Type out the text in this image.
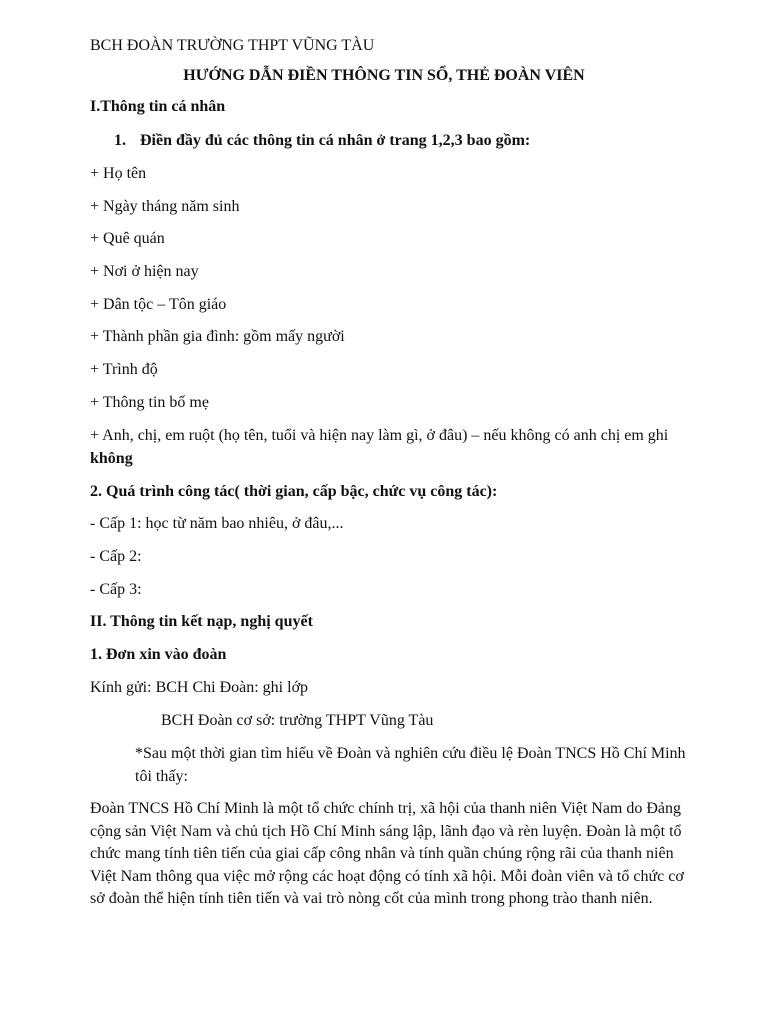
BCH ĐOÀN TRƯỜNG THPT VŨNG TÀU
HƯỚNG DẪN ĐIỀN THÔNG TIN SỔ, THẺ ĐOÀN VIÊN
I.Thông tin cá nhân
1. Điền đầy đủ các thông tin cá nhân ở trang 1,2,3 bao gồm:
+ Họ tên
+ Ngày tháng năm sinh
+ Quê quán
+ Nơi ở hiện nay
+ Dân tộc – Tôn giáo
+ Thành phần gia đình: gồm mấy người
+ Trình độ
+ Thông tin bố mẹ
+ Anh, chị, em ruột (họ tên, tuổi và hiện nay làm gì, ở đâu) – nếu không có anh chị em ghi không
2. Quá trình công tác( thời gian, cấp bậc, chức vụ công tác):
- Cấp 1: học từ năm bao nhiêu, ở đâu,...
- Cấp 2:
- Cấp 3:
II. Thông tin kết nạp, nghị quyết
1. Đơn xin vào đoàn
Kính gửi: BCH Chi Đoàn: ghi lớp
BCH Đoàn cơ sở: trường THPT Vũng Tàu
*Sau một thời gian tìm hiểu về Đoàn và nghiên cứu điều lệ Đoàn TNCS Hồ Chí Minh tôi thấy:
Đoàn TNCS Hồ Chí Minh là một tổ chức chính trị, xã hội của thanh niên Việt Nam do Đảng cộng sản Việt Nam và chủ tịch Hồ Chí Minh sáng lập, lãnh đạo và rèn luyện. Đoàn là một tổ chức mang tính tiên tiến của giai cấp công nhân và tính quần chúng rộng rãi của thanh niên Việt Nam thông qua việc mở rộng các hoạt động có tính xã hội. Mỗi đoàn viên và tổ chức cơ sở đoàn thể hiện tính tiên tiến và vai trò nòng cốt của mình trong phong trào thanh niên.
